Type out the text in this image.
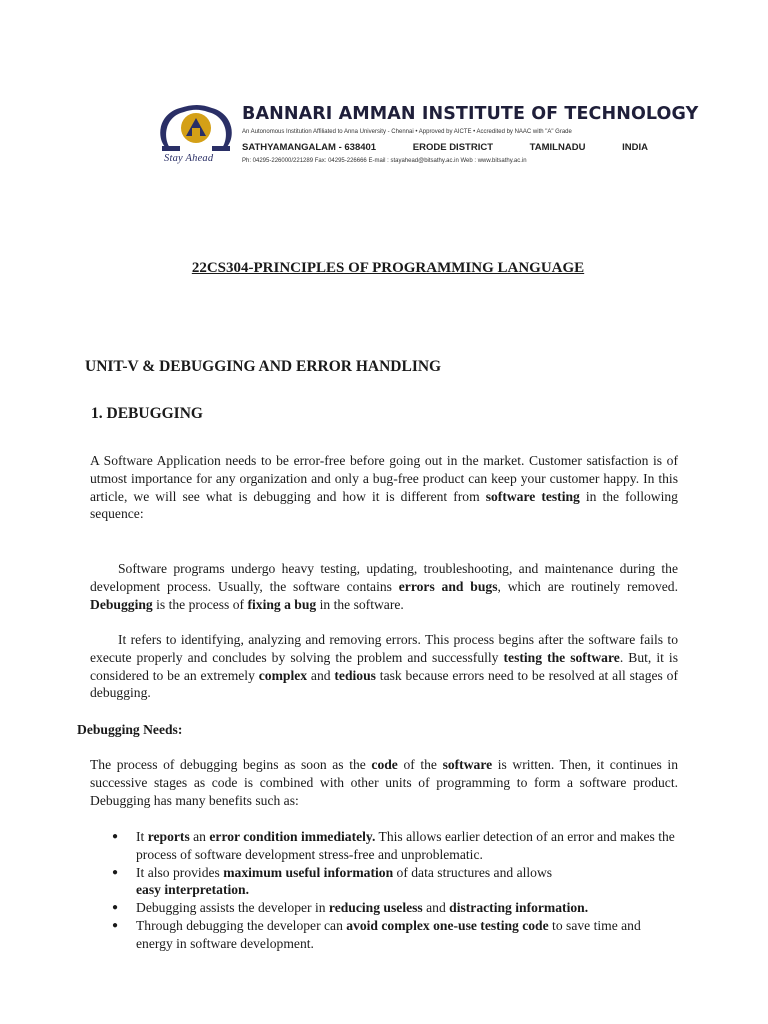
Stay Ahead
BANNARI AMMAN INSTITUTE OF TECHNOLOGY
An Autonomous Institution Affiliated to Anna University - Chennai • Approved by AICTE • Accredited by NAAC with "A" Grade
SATHYAMANGALAM - 638401	ERODE DISTRICT	TAMILNADU	INDIA
Ph: 04295-226000/221289 Fax: 04295-226666 E-mail : stayahead@bitsathy.ac.in Web : www.bitsathy.ac.in
22CS304-PRINCIPLES OF PROGRAMMING LANGUAGE
UNIT-V & DEBUGGING AND ERROR HANDLING
1. DEBUGGING

A Software Application needs to be error-free before going out in the market. Customer satisfaction is of utmost importance for any organization and only a bug-free product can keep your customer happy. In this article, we will see what is debugging and how it is different from software testing in the following sequence:

Software programs undergo heavy testing, updating, troubleshooting, and maintenance during the development process. Usually, the software contains errors and bugs, which are routinely removed. Debugging is the process of fixing a bug in the software.

It refers to identifying, analyzing and removing errors. This process begins after the software fails to execute properly and concludes by solving the problem and successfully testing the software. But, it is considered to be an extremely complex and tedious task because errors need to be resolved at all stages of debugging.

Debugging Needs:

The process of debugging begins as soon as the code of the software is written. Then, it continues in successive stages as code is combined with other units of programming to form a software product. Debugging has many benefits such as:

● It reports an error condition immediately. This allows earlier detection of an error and makes the process of software development stress-free and unproblematic.
● It also provides maximum useful information of data structures and allows
easy interpretation.
● Debugging assists the developer in reducing useless and distracting information.
● Through debugging the developer can avoid complex one-use testing code to save time and energy in software development.
